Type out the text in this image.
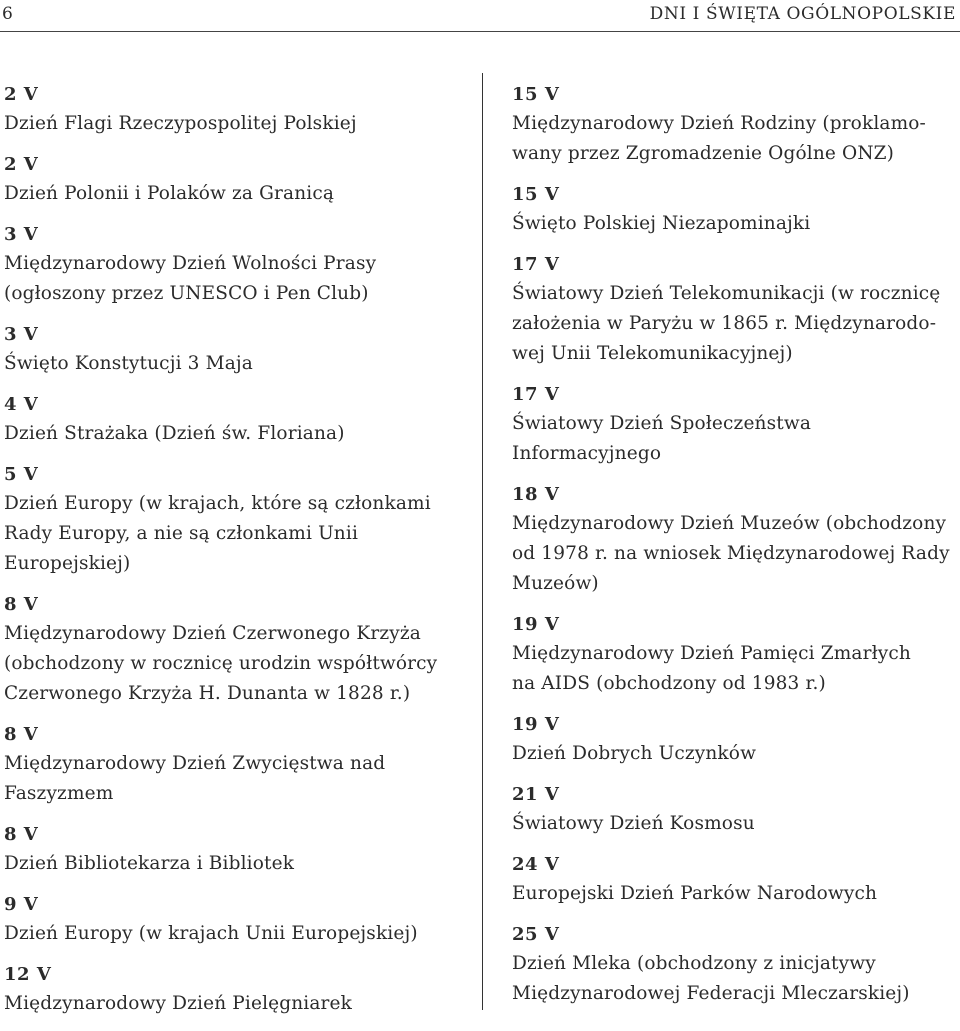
6	DNI I ŚWIĘTA OGÓLNOPOLSKIE
2 V
Dzień Flagi Rzeczypospolitej Polskiej
2 V
Dzień Polonii i Polaków za Granicą
3 V
Międzynarodowy Dzień Wolności Prasy
(ogłoszony przez UNESCO i Pen Club)
3 V
Święto Konstytucji 3 Maja
4 V
Dzień Strażaka (Dzień św. Floriana)
5 V
Dzień Europy (w krajach, które są członkami
Rady Europy, a nie są członkami Unii
Europejskiej)
8 V
Międzynarodowy Dzień Czerwonego Krzyża
(obchodzony w rocznicę urodzin współtwórcy
Czerwonego Krzyża H. Dunanta w 1828 r.)
8 V
Międzynarodowy Dzień Zwycięstwa nad
Faszyzmem
8 V
Dzień Bibliotekarza i Bibliotek
9 V
Dzień Europy (w krajach Unii Europejskiej)
12 V
Międzynarodowy Dzień Pielęgniarek
15 V
Międzynarodowy Dzień Rodziny (proklamo-
wany przez Zgromadzenie Ogólne ONZ)
15 V
Święto Polskiej Niezapominajki
17 V
Światowy Dzień Telekomunikacji (w rocznicę
założenia w Paryżu w 1865 r. Międzynarodo-
wej Unii Telekomunikacyjnej)
17 V
Światowy Dzień Społeczeństwa
Informacyjnego
18 V
Międzynarodowy Dzień Muzeów (obchodzony
od 1978 r. na wniosek Międzynarodowej Rady
Muzeów)
19 V
Międzynarodowy Dzień Pamięci Zmarłych
na AIDS (obchodzony od 1983 r.)
19 V
Dzień Dobrych Uczynków
21 V
Światowy Dzień Kosmosu
24 V
Europejski Dzień Parków Narodowych
25 V
Dzień Mleka (obchodzony z inicjatywy
Międzynarodowej Federacji Mleczarskiej)
